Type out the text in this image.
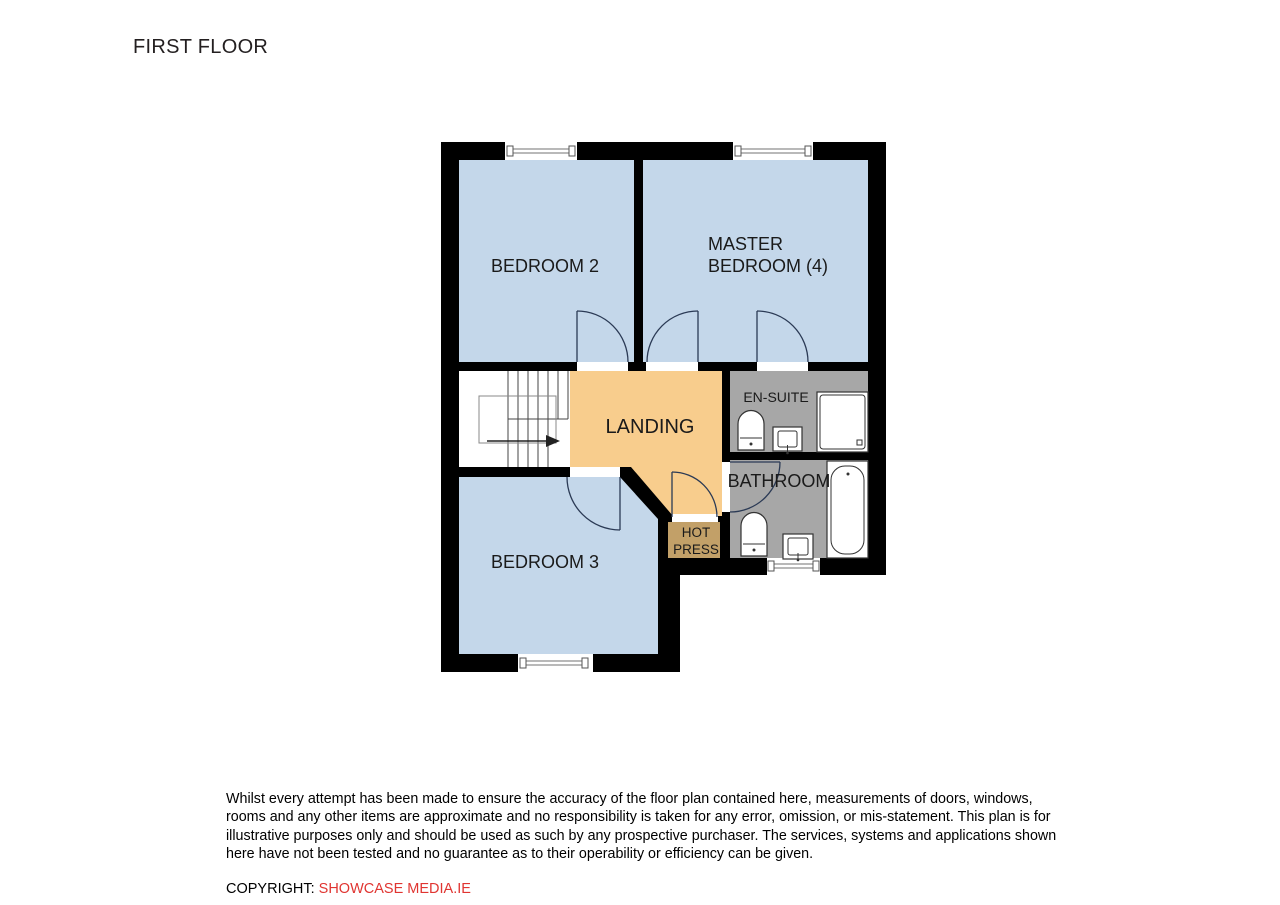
FIRST FLOOR
BEDROOM 2
MASTER
BEDROOM (4)
LANDING
EN-SUITE
BATHROOM
HOT
PRESS
BEDROOM 3
Whilst every attempt has been made to ensure the accuracy of the floor plan contained here, measurements of doors, windows,
rooms and any other items are approximate and no responsibility is taken for any error, omission, or mis-statement. This plan is for
illustrative purposes only and should be used as such by any prospective purchaser. The services, systems and applications shown
here have not been tested and no guarantee as to their operability or efficiency can be given.
COPYRIGHT: SHOWCASE MEDIA.IE
